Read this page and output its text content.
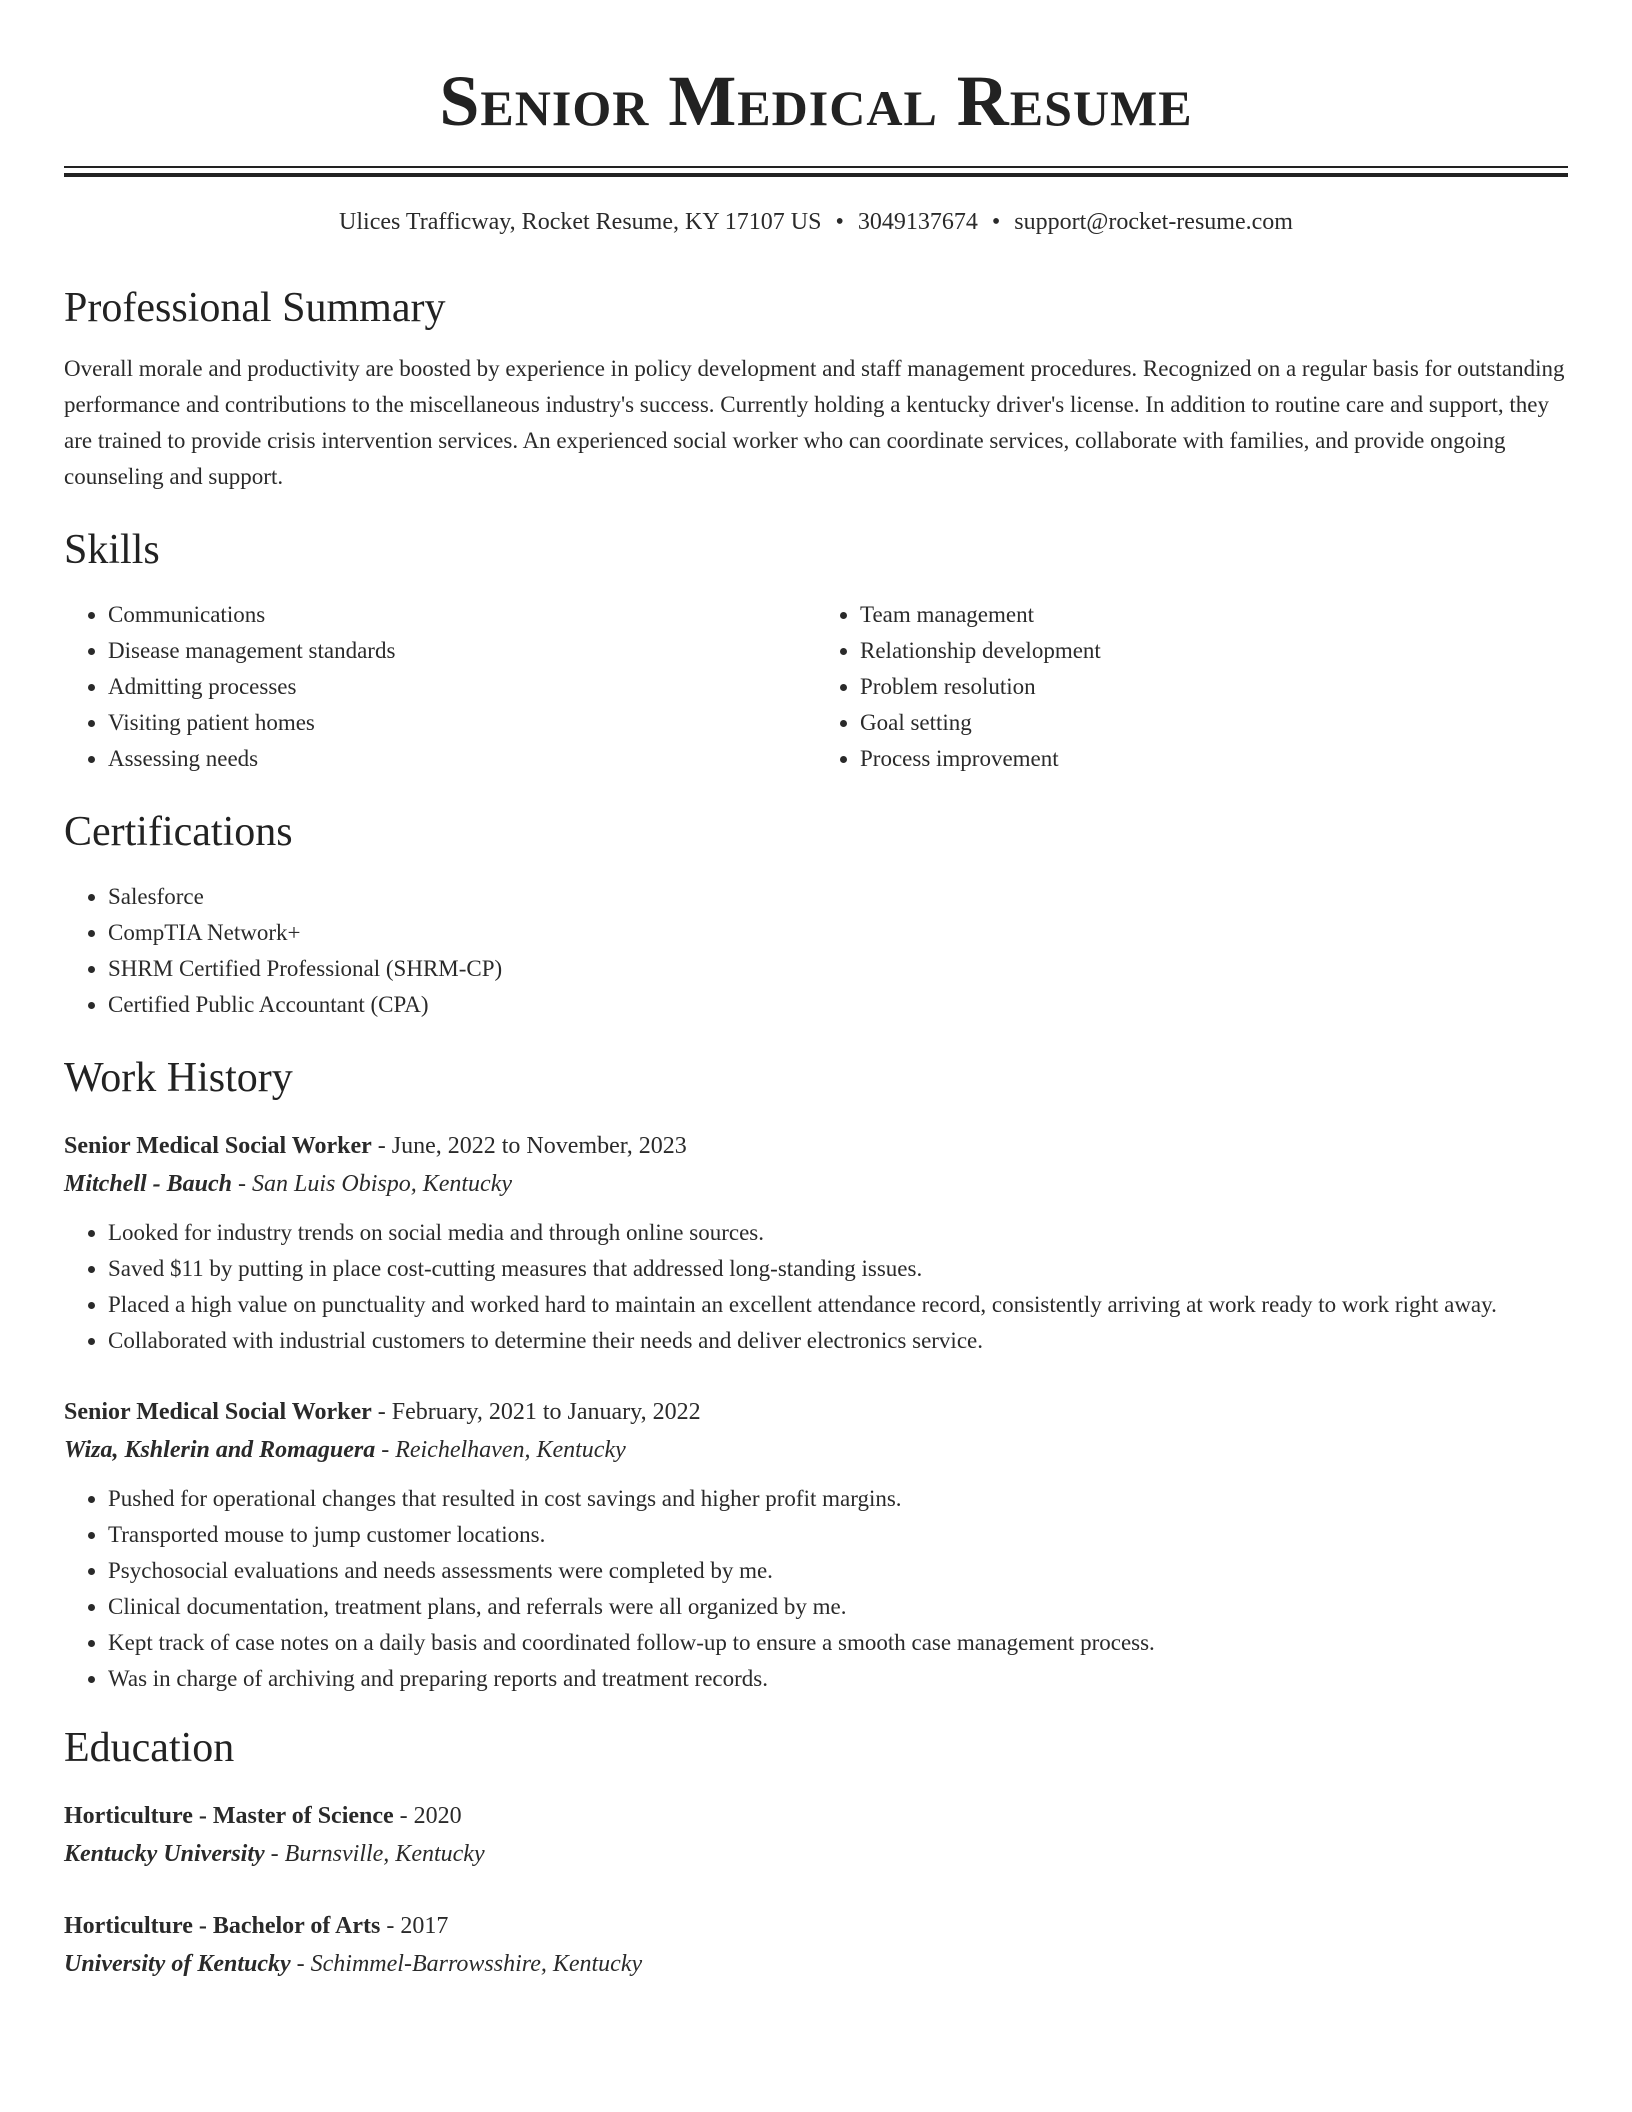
Senior Medical Resume
Ulices Trafficway, Rocket Resume, KY 17107 US • 3049137674 • support@rocket-resume.com
Professional Summary
Overall morale and productivity are boosted by experience in policy development and staff management procedures. Recognized on a regular basis for outstanding performance and contributions to the miscellaneous industry's success. Currently holding a kentucky driver's license. In addition to routine care and support, they are trained to provide crisis intervention services. An experienced social worker who can coordinate services, collaborate with families, and provide ongoing counseling and support.
Skills
• Communications
• Disease management standards
• Admitting processes
• Visiting patient homes
• Assessing needs
• Team management
• Relationship development
• Problem resolution
• Goal setting
• Process improvement
Certifications
• Salesforce
• CompTIA Network+
• SHRM Certified Professional (SHRM-CP)
• Certified Public Accountant (CPA)
Work History
Senior Medical Social Worker - June, 2022 to November, 2023
Mitchell - Bauch - San Luis Obispo, Kentucky
• Looked for industry trends on social media and through online sources.
• Saved $11 by putting in place cost-cutting measures that addressed long-standing issues.
• Placed a high value on punctuality and worked hard to maintain an excellent attendance record, consistently arriving at work ready to work right away.
• Collaborated with industrial customers to determine their needs and deliver electronics service.
Senior Medical Social Worker - February, 2021 to January, 2022
Wiza, Kshlerin and Romaguera - Reichelhaven, Kentucky
• Pushed for operational changes that resulted in cost savings and higher profit margins.
• Transported mouse to jump customer locations.
• Psychosocial evaluations and needs assessments were completed by me.
• Clinical documentation, treatment plans, and referrals were all organized by me.
• Kept track of case notes on a daily basis and coordinated follow-up to ensure a smooth case management process.
• Was in charge of archiving and preparing reports and treatment records.
Education
Horticulture - Master of Science - 2020
Kentucky University - Burnsville, Kentucky
Horticulture - Bachelor of Arts - 2017
University of Kentucky - Schimmel-Barrowsshire, Kentucky
